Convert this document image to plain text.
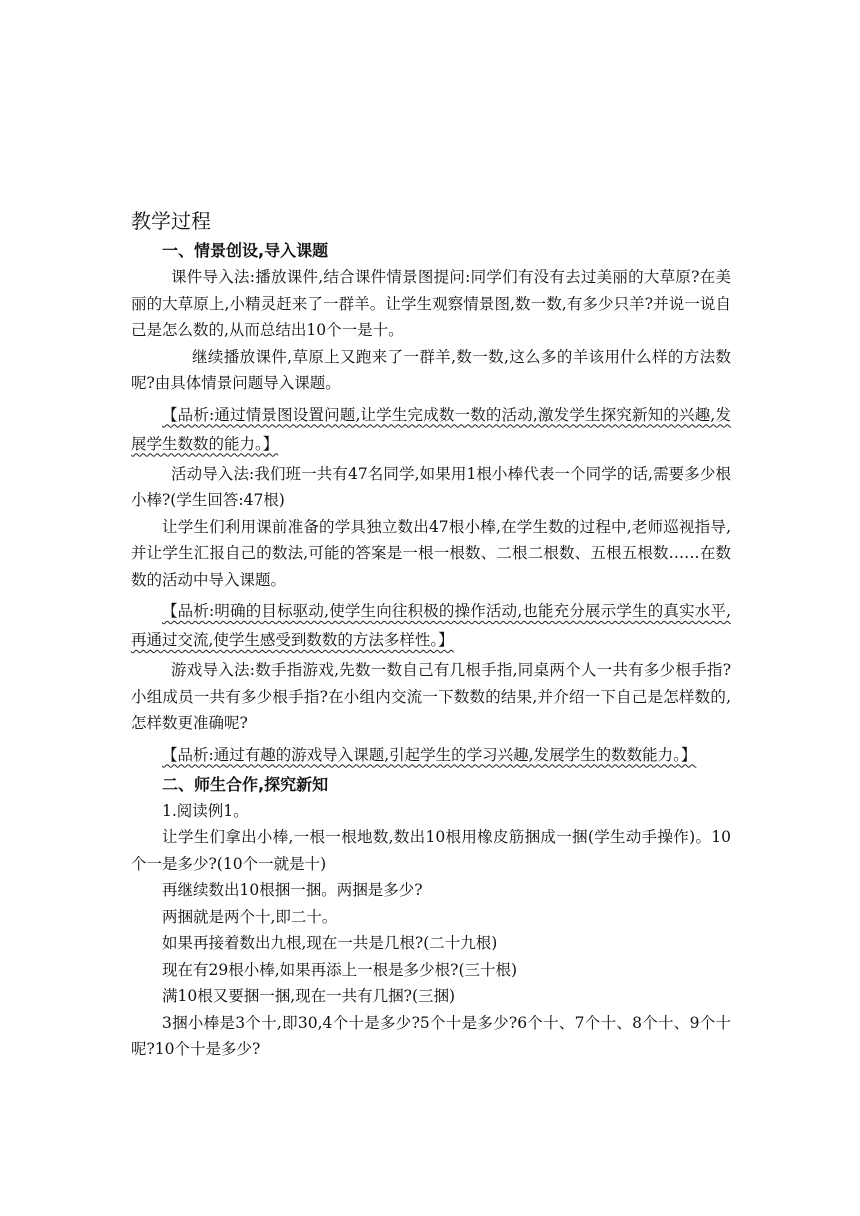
教学过程
一、情景创设,导入课题

课件导入法:播放课件,结合课件情景图提问:同学们有没有去过美丽的大草原?在美丽的大草原上,小精灵赶来了一群羊。让学生观察情景图,数一数,有多少只羊?并说一说自己是怎么数的,从而总结出10个一是十。

继续播放课件,草原上又跑来了一群羊,数一数,这么多的羊该用什么样的方法数呢?由具体情景问题导入课题。

【品析:通过情景图设置问题,让学生完成数一数的活动,激发学生探究新知的兴趣,发展学生数数的能力。】

活动导入法:我们班一共有47名同学,如果用1根小棒代表一个同学的话,需要多少根小棒?(学生回答:47根)

让学生们利用课前准备的学具独立数出47根小棒,在学生数的过程中,老师巡视指导,并让学生汇报自己的数法,可能的答案是一根一根数、二根二根数、五根五根数……在数数的活动中导入课题。

【品析:明确的目标驱动,使学生向往积极的操作活动,也能充分展示学生的真实水平,再通过交流,使学生感受到数数的方法多样性。】

游戏导入法:数手指游戏,先数一数自己有几根手指,同桌两个人一共有多少根手指?小组成员一共有多少根手指?在小组内交流一下数数的结果,并介绍一下自己是怎样数的,怎样数更准确呢?

【品析:通过有趣的游戏导入课题,引起学生的学习兴趣,发展学生的数数能力。】

二、师生合作,探究新知

1.阅读例1。

让学生们拿出小棒,一根一根地数,数出10根用橡皮筋捆成一捆(学生动手操作)。10个一是多少?(10个一就是十)

再继续数出10根捆一捆。两捆是多少?

两捆就是两个十,即二十。

如果再接着数出九根,现在一共是几根?(二十九根)

现在有29根小棒,如果再添上一根是多少根?(三十根)

满10根又要捆一捆,现在一共有几捆?(三捆)

3捆小棒是3个十,即30,4个十是多少?5个十是多少?6个十、7个十、8个十、9个十呢?10个十是多少?
